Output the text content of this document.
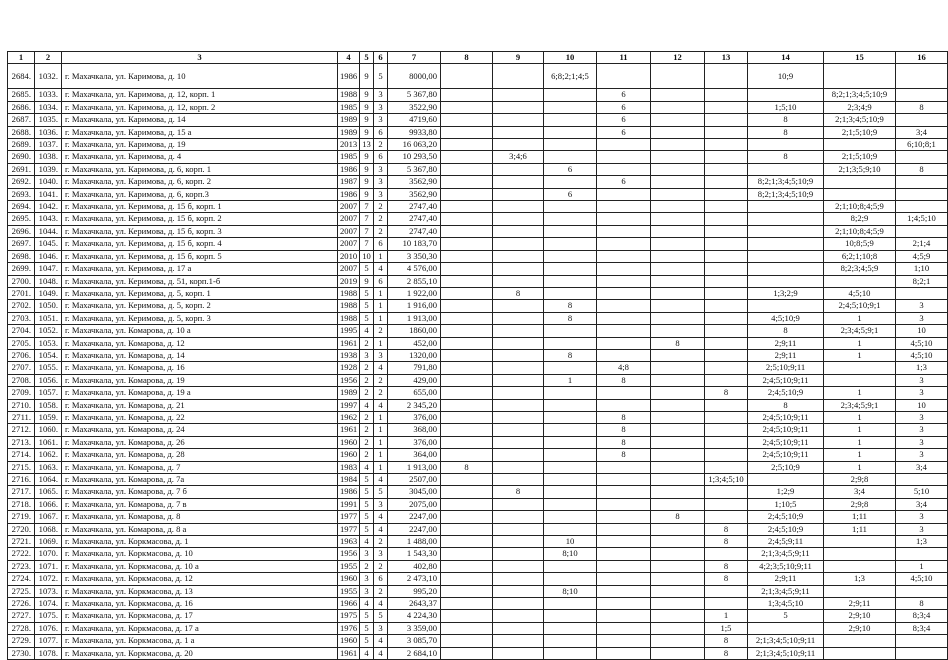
1	2	3	4	5	6	7	8	9	10	11	12	13	14	15	16
2684.	1032.	г. Махачкала, ул. Каримова, д. 10	1986	9	5	8000,00			6;8;2;1;4;5				10;9		
2685.	1033.	г. Махачкала, ул. Каримова, д. 12, корп. 1	1988	9	3	5 367,80				6				8;2;1;3;4;5;10;9	
2686.	1034.	г. Махачкала, ул. Каримова, д. 12, корп. 2	1985	9	3	3522,90				6			1;5;10	2;3;4;9	8
2687.	1035.	г. Махачкала, ул. Каримова, д. 14	1989	9	3	4719,60				6			8	2;1;3;4;5;10;9	
2688.	1036.	г. Махачкала, ул. Каримова, д. 15 а	1989	9	6	9933,80				6			8	2;1;5;10;9	3;4
2689.	1037.	г. Махачкала, ул. Каримова, д. 19	2013	13	2	16 063,20									6;10;8;1
2690.	1038.	г. Махачкала, ул. Каримова, д. 4	1985	9	6	10 293,50		3;4;6					8	2;1;5;10;9	
2691.	1039.	г. Махачкала, ул. Каримова, д. 6, корп. 1	1986	9	3	5 367,80			6					2;1;3;5;9;10	8
2692.	1040.	г. Махачкала, ул. Каримова, д. 6, корп. 2	1987	9	3	3562,90				6			8;2;1;3;4;5;10;9		
2693.	1041.	г. Махачкала, ул. Каримова, д. 6, корп.3	1986	9	3	3562,90			6				8;2;1;3;4;5;10;9		
2694.	1042.	г. Махачкала, ул. Керимова, д. 15 б, корп. 1	2007	7	2	2747,40								2;1;10;8;4;5;9	
2695.	1043.	г. Махачкала, ул. Керимова, д. 15 б, корп. 2	2007	7	2	2747,40								8;2;9	1;4;5;10
2696.	1044.	г. Махачкала, ул. Керимова, д. 15 б, корп. 3	2007	7	2	2747,40								2;1;10;8;4;5;9	
2697.	1045.	г. Махачкала, ул. Керимова, д. 15 б, корп. 4	2007	7	6	10 183,70								10;8;5;9	2;1;4
2698.	1046.	г. Махачкала, ул. Керимова, д. 15 б, корп. 5	2010	10	1	3 350,30								6;2;1;10;8	4;5;9
2699.	1047.	г. Махачкала, ул. Керимова, д. 17 а	2007	5	4	4 576,00								8;2;3;4;5;9	1;10
2700.	1048.	г. Махачкала, ул. Керимова, д. 51, корп.1-б	2019	9	6	2 855,10									8;2;1
2701.	1049.	г. Махачкала, ул. Керимова, д. 5, корп. 1	1988	5	1	1 922,00		8					1;3;2;9	4;5;10	
2702.	1050.	г. Махачкала, ул. Керимова, д. 5, корп. 2	1988	5	1	1 916,00			8					2;4;5;10;9;1	3
2703.	1051.	г. Махачкала, ул. Керимова, д. 5, корп. 3	1988	5	1	1 913,00			8				4;5;10;9	1	3
2704.	1052.	г. Махачкала, ул. Комарова, д. 10 а	1995	4	2	1860,00							8	2;3;4;5;9;1	10
2705.	1053.	г. Махачкала, ул. Комарова, д. 12	1961	2	1	452,00					8		2;9;11	1	4;5;10
2706.	1054.	г. Махачкала, ул. Комарова, д. 14	1938	3	3	1320,00			8				2;9;11	1	4;5;10
2707.	1055.	г. Махачкала, ул. Комарова, д. 16	1928	2	4	791,80				4;8			2;5;10;9;11		1;3
2708.	1056.	г. Махачкала, ул. Комарова, д. 19	1956	2	2	429,00			1	8			2;4;5;10;9;11		3
2709.	1057.	г. Махачкала, ул. Комарова, д. 19 а	1989	2	2	655,00						8	2;4;5;10;9	1	3
2710.	1058.	г. Махачкала, ул. Комарова, д. 21	1997	4	4	2 345,20							8	2;3;4;5;9;1	10
2711.	1059.	г. Махачкала, ул. Комарова, д. 22	1962	2	1	376,00				8			2;4;5;10;9;11	1	3
2712.	1060.	г. Махачкала, ул. Комарова, д. 24	1961	2	1	368,00				8			2;4;5;10;9;11	1	3
2713.	1061.	г. Махачкала, ул. Комарова, д. 26	1960	2	1	376,00				8			2;4;5;10;9;11	1	3
2714.	1062.	г. Махачкала, ул. Комарова, д. 28	1960	2	1	364,00				8			2;4;5;10;9;11	1	3
2715.	1063.	г. Махачкала, ул. Комарова, д. 7	1983	4	1	1 913,00	8						2;5;10;9	1	3;4
2716.	1064.	г. Махачкала, ул. Комарова, д. 7а	1984	5	4	2507,00						1;3;4;5;10		2;9;8	
2717.	1065.	г. Махачкала, ул. Комарова, д. 7 б	1986	5	5	3045,00		8					1;2;9	3;4	5;10
2718.	1066.	г. Махачкала, ул. Комарова, д. 7 в	1991	5	3	2075,00							1;10;5	2;9;8	3;4
2719.	1067.	г. Махачкала, ул. Комарова, д. 8	1977	5	4	2247,00					8		2;4;5;10;9	1;11	3
2720.	1068.	г. Махачкала, ул. Комарова, д. 8 а	1977	5	4	2247,00						8	2;4;5;10;9	1;11	3
2721.	1069.	г. Махачкала, ул. Коркмасова, д. 1	1963	4	2	1 488,00			10			8	2;4;5;9;11		1;3
2722.	1070.	г. Махачкала, ул. Коркмасова, д. 10	1956	3	3	1 543,30			8;10				2;1;3;4;5;9;11		
2723.	1071.	г. Махачкала, ул. Коркмасова, д. 10 а	1955	2	2	402,80						8	4;2;3;5;10;9;11		1
2724.	1072.	г. Махачкала, ул. Коркмасова, д. 12	1960	3	6	2 473,10						8	2;9;11	1;3	4;5;10
2725.	1073.	г. Махачкала, ул. Коркмасова, д. 13	1955	3	2	995,20			8;10				2;1;3;4;5;9;11		
2726.	1074.	г. Махачкала, ул. Коркмасова, д. 16	1966	4	4	2643,37							1;3;4;5;10	2;9;11	8
2727.	1075.	г. Махачкала, ул. Коркмасова, д. 17	1975	5	5	4 224,30						1	5	2;9;10	8;3;4
2728.	1076.	г. Махачкала, ул. Коркмасова, д. 17 а	1976	5	3	3 359,00						1;5		2;9;10	8;3;4
2729.	1077.	г. Махачкала, ул. Коркмасова, д. 1 а	1960	5	4	3 085,70						8	2;1;3;4;5;10;9;11		
2730.	1078.	г. Махачкала, ул. Коркмасова, д. 20	1961	4	4	2 684,10						8	2;1;3;4;5;10;9;11		
